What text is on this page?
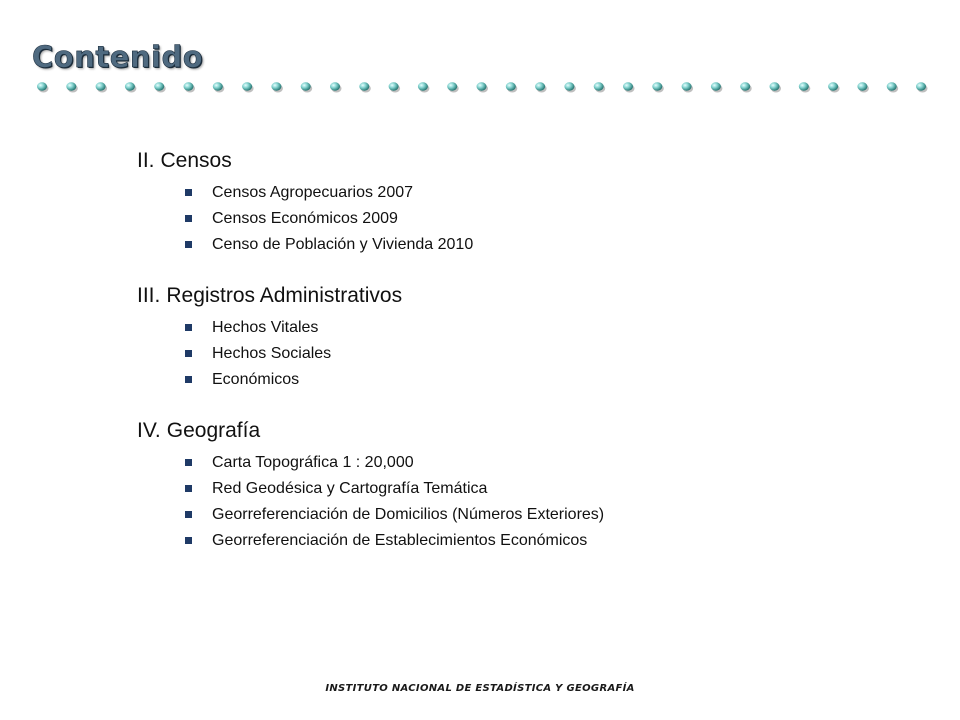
Contenido
II. Censos
Censos Agropecuarios 2007
Censos Económicos 2009
Censo de Población y Vivienda 2010
III. Registros Administrativos
Hechos Vitales
Hechos Sociales
Económicos
IV. Geografía
Carta Topográfica 1 : 20,000
Red Geodésica y Cartografía Temática
Georreferenciación de Domicilios (Números Exteriores)
Georreferenciación de Establecimientos Económicos
INSTITUTO NACIONAL DE ESTADÍSTICA Y GEOGRAFÍA
